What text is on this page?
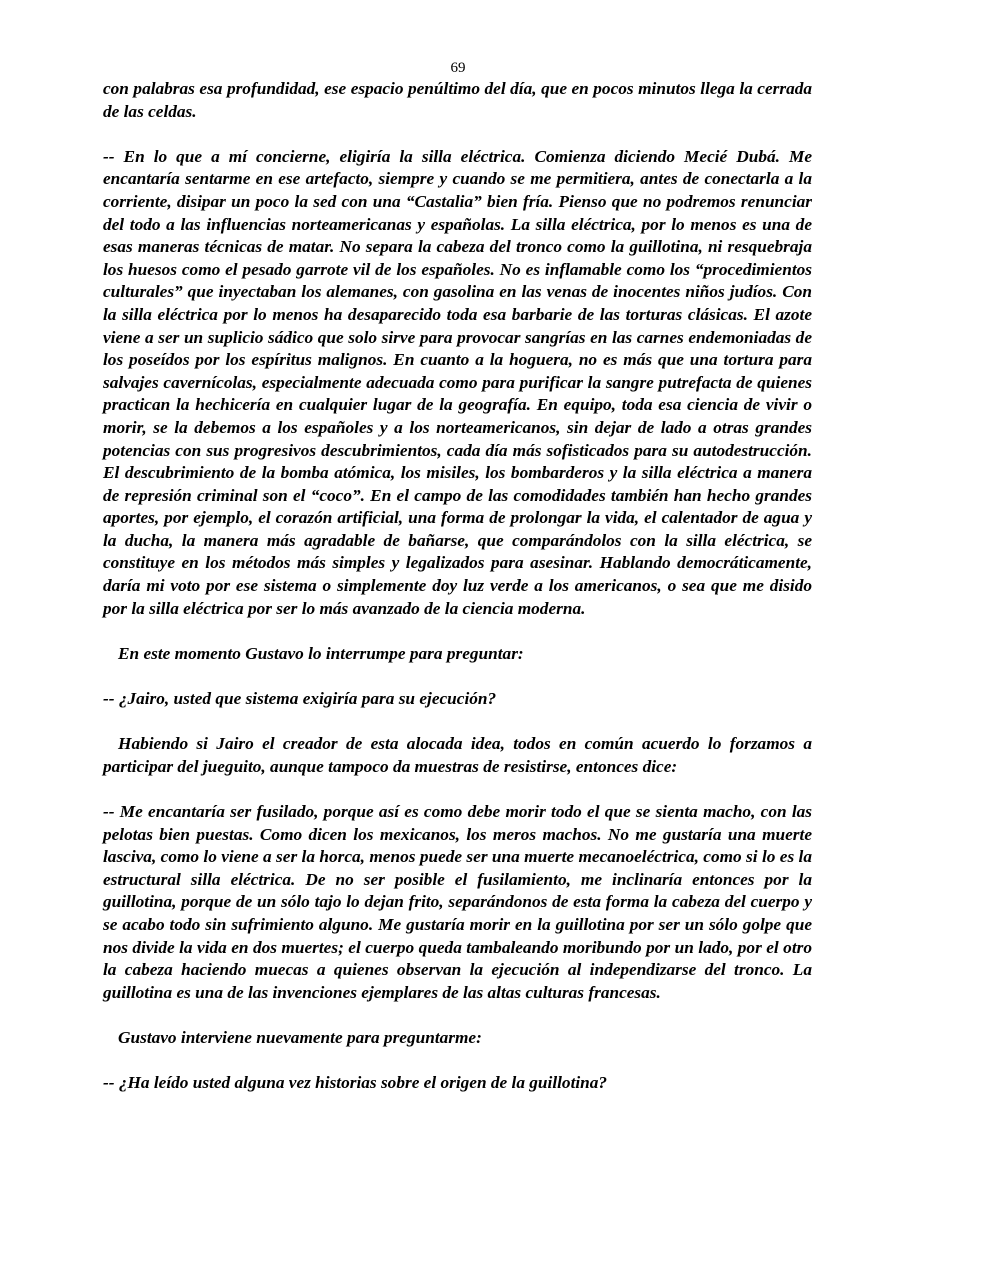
69

con palabras esa profundidad, ese espacio penúltimo del día, que en pocos minutos llega la cerrada de las celdas.

-- En lo que a mí concierne, eligiría la silla eléctrica. Comienza diciendo Mecié Dubá. Me encantaría sentarme en ese artefacto, siempre y cuando se me permitiera, antes de conectarla a la corriente, disipar un poco la sed con una “Castalia” bien fría. Pienso que no podremos renunciar del todo a las influencias norteamericanas y españolas. La silla eléctrica, por lo menos es una de esas maneras técnicas de matar. No separa la cabeza del tronco como la guillotina, ni resquebraja los huesos como el pesado garrote vil de los españoles. No es inflamable como los “procedimientos culturales” que inyectaban los alemanes, con gasolina en las venas de inocentes niños judíos. Con la silla eléctrica por lo menos ha desaparecido toda esa barbarie de las torturas clásicas. El azote viene a ser un suplicio sádico que solo sirve para provocar sangrías en las carnes endemoniadas de los poseídos por los espíritus malignos. En cuanto a la hoguera, no es más que una tortura para salvajes cavernícolas, especialmente adecuada como para purificar la sangre putrefacta de quienes practican la hechicería en cualquier lugar de la geografía. En equipo, toda esa ciencia de vivir o morir, se la debemos a los españoles y a los norteamericanos, sin dejar de lado a otras grandes potencias con sus progresivos descubrimientos, cada día más sofisticados para su autodestrucción. El descubrimiento de la bomba atómica, los misiles, los bombarderos y la silla eléctrica a manera de represión criminal son el “coco”. En el campo de las comodidades también han hecho grandes aportes, por ejemplo, el corazón artificial, una forma de prolongar la vida, el calentador de agua y la ducha, la manera más agradable de bañarse, que comparándolos con la silla eléctrica, se constituye en los métodos más simples y legalizados para asesinar. Hablando democráticamente, daría mi voto por ese sistema o simplemente doy luz verde a los americanos, o sea que me disido por la silla eléctrica por ser lo más avanzado de la ciencia moderna.

En este momento Gustavo lo interrumpe para preguntar:

-- ¿Jairo, usted que sistema exigiría para su ejecución?

Habiendo si Jairo el creador de esta alocada idea, todos en común acuerdo lo forzamos a participar del jueguito, aunque tampoco da muestras de resistirse, entonces dice:

-- Me encantaría ser fusilado, porque así es como debe morir todo el que se sienta macho, con las pelotas bien puestas. Como dicen los mexicanos, los meros machos. No me gustaría una muerte lasciva, como lo viene a ser la horca, menos puede ser una muerte mecanoeléctrica, como si lo es la estructural silla eléctrica. De no ser posible el fusilamiento, me inclinaría entonces por la guillotina, porque de un sólo tajo lo dejan frito, separándonos de esta forma la cabeza del cuerpo y se acabo todo sin sufrimiento alguno. Me gustaría morir en la guillotina por ser un sólo golpe que nos divide la vida en dos muertes; el cuerpo queda tambaleando moribundo por un lado, por el otro la cabeza haciendo muecas a quienes observan la ejecución al independizarse del tronco. La guillotina es una de las invenciones ejemplares de las altas culturas francesas.

Gustavo interviene nuevamente para preguntarme:

-- ¿Ha leído usted alguna vez historias sobre el origen de la guillotina?
